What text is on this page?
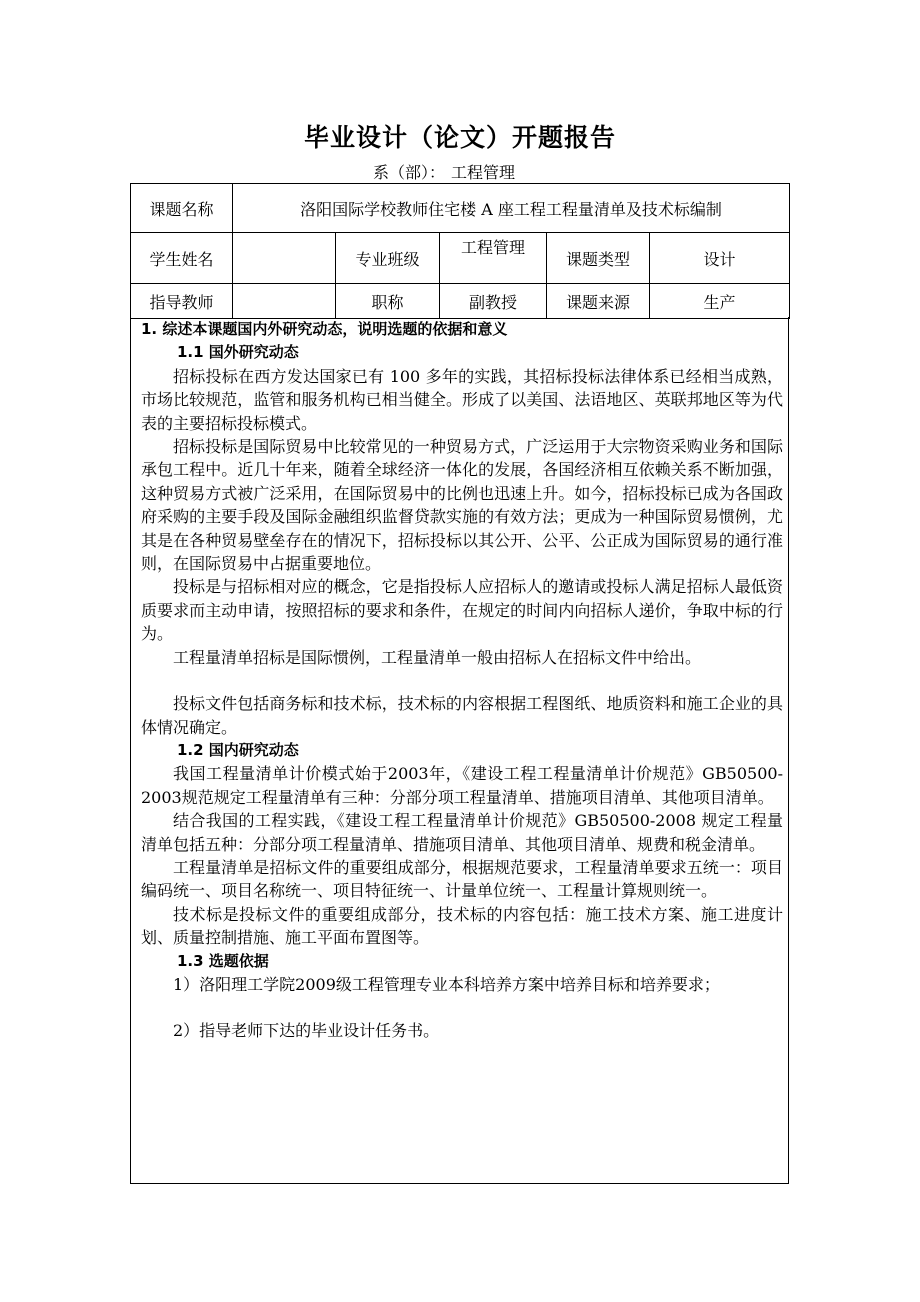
毕业设计（论文）开题报告
系（部）： 工程管理
课题名称	洛阳国际学校教师住宅楼 A 座工程工程量清单及技术标编制				
学生姓名		专业班级	工程管理	课题类型	设计
指导教师		职称	副教授	课题来源	生产
1. 综述本课题国内外研究动态，说明选题的依据和意义
1.1 国外研究动态

招标投标在西方发达国家已有 100 多年的实践，其招标投标法律体系已经相当成熟，市场比较规范，监管和服务机构已相当健全。形成了以美国、法语地区、英联邦地区等为代表的主要招标投标模式。

招标投标是国际贸易中比较常见的一种贸易方式，广泛运用于大宗物资采购业务和国际承包工程中。近几十年来，随着全球经济一体化的发展，各国经济相互依赖关系不断加强，这种贸易方式被广泛采用，在国际贸易中的比例也迅速上升。如今，招标投标已成为各国政府采购的主要手段及国际金融组织监督贷款实施的有效方法；更成为一种国际贸易惯例，尤其是在各种贸易壁垒存在的情况下，招标投标以其公开、公平、公正成为国际贸易的通行准则，在国际贸易中占据重要地位。

投标是与招标相对应的概念，它是指投标人应招标人的邀请或投标人满足招标人最低资质要求而主动申请，按照招标的要求和条件，在规定的时间内向招标人递价，争取中标的行为。

工程量清单招标是国际惯例，工程量清单一般由招标人在招标文件中给出。

投标文件包括商务标和技术标，技术标的内容根据工程图纸、地质资料和施工企业的具体情况确定。

1.2 国内研究动态

我国工程量清单计价模式始于2003年，《建设工程工程量清单计价规范》GB50500-2003规范规定工程量清单有三种：分部分项工程量清单、措施项目清单、其他项目清单。

结合我国的工程实践，《建设工程工程量清单计价规范》GB50500-2008 规定工程量清单包括五种：分部分项工程量清单、措施项目清单、其他项目清单、规费和税金清单。

工程量清单是招标文件的重要组成部分，根据规范要求，工程量清单要求五统一：项目编码统一、项目名称统一、项目特征统一、计量单位统一、工程量计算规则统一。

技术标是投标文件的重要组成部分，技术标的内容包括：施工技术方案、施工进度计划、质量控制措施、施工平面布置图等。

1.3 选题依据

1）洛阳理工学院2009级工程管理专业本科培养方案中培养目标和培养要求；

2）指导老师下达的毕业设计任务书。
